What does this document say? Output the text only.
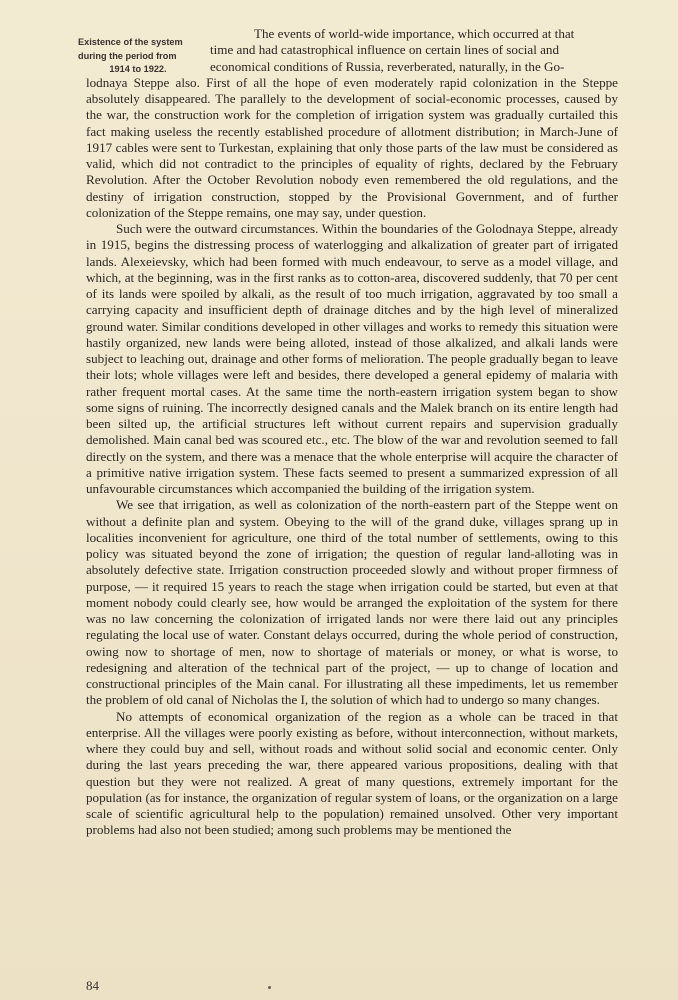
Existence of the system
during the period from
1914 to 1922.
The events of world-wide importance, which occurred at that
time and had catastrophical influence on certain lines of social and
economical conditions of Russia, reverberated, naturally, in the Go-
lodnaya Steppe also. First of all the hope of even moderately rapid colonization in the Steppe absolutely disappeared. The parallely to the development of social-economic processes, caused by the war, the construction work for the completion of irrigation system was gradually curtailed this fact making useless the recently established procedure of allotment distribution; in March-June of 1917 cables were sent to Turkestan, explaining that only those parts of the law must be considered as valid, which did not contradict to the principles of equality of rights, declared by the February Revolution. After the October Revolution nobody even remembered the old regulations, and the destiny of irrigation construction, stopped by the Provisional Government, and of further colonization of the Steppe remains, one may say, under question.
Such were the outward circumstances. Within the boundaries of the Golodnaya Steppe, already in 1915, begins the distressing process of waterlogging and alkalization of greater part of irrigated lands. Alexeievsky, which had been formed with much endeavour, to serve as a model village, and which, at the beginning, was in the first ranks as to cotton-area, discovered suddenly, that 70 per cent of its lands were spoiled by alkali, as the result of too much irrigation, aggravated by too small a carrying capacity and insufficient depth of drainage ditches and by the high level of mineralized ground water. Similar conditions developed in other villages and works to remedy this situation were hastily organized, new lands were being alloted, instead of those alkalized, and alkali lands were subject to leaching out, drainage and other forms of melioration. The people gradually began to leave their lots; whole villages were left and besides, there developed a general epidemy of malaria with rather frequent mortal cases. At the same time the north-eastern irrigation system began to show some signs of ruining. The incorrectly designed canals and the Malek branch on its entire length had been silted up, the artificial structures left without current repairs and supervision gradually demolished. Main canal bed was scoured etc., etc. The blow of the war and revolution seemed to fall directly on the system, and there was a menace that the whole enterprise will acquire the character of a primitive native irrigation system. These facts seemed to present a summarized expression of all unfavourable circumstances which accompanied the building of the irrigation system.
We see that irrigation, as well as colonization of the north-eastern part of the Steppe went on without a definite plan and system. Obeying to the will of the grand duke, villages sprang up in localities inconvenient for agriculture, one third of the total number of settlements, owing to this policy was situated beyond the zone of irrigation; the question of regular land-alloting was in absolutely defective state. Irrigation construction proceeded slowly and without proper firmness of purpose, — it required 15 years to reach the stage when irrigation could be started, but even at that moment nobody could clearly see, how would be arranged the exploitation of the system for there was no law concerning the colonization of irrigated lands nor were there laid out any principles regulating the local use of water. Constant delays occurred, during the whole period of construction, owing now to shortage of men, now to shortage of materials or money, or what is worse, to redesigning and alteration of the technical part of the project, — up to change of location and constructional principles of the Main canal. For illustrating all these impediments, let us remember the problem of old canal of Nicholas the I, the solution of which had to undergo so many changes.
No attempts of economical organization of the region as a whole can be traced in that enterprise. All the villages were poorly existing as before, without interconnection, without markets, where they could buy and sell, without roads and without solid social and economic center. Only during the last years preceding the war, there appeared various propositions, dealing with that question but they were not realized. A great of many questions, extremely important for the population (as for instance, the organization of regular system of loans, or the organization on a large scale of scientific agricultural help to the population) remained unsolved. Other very important problems had also not been studied; among such problems may be mentioned the
84
